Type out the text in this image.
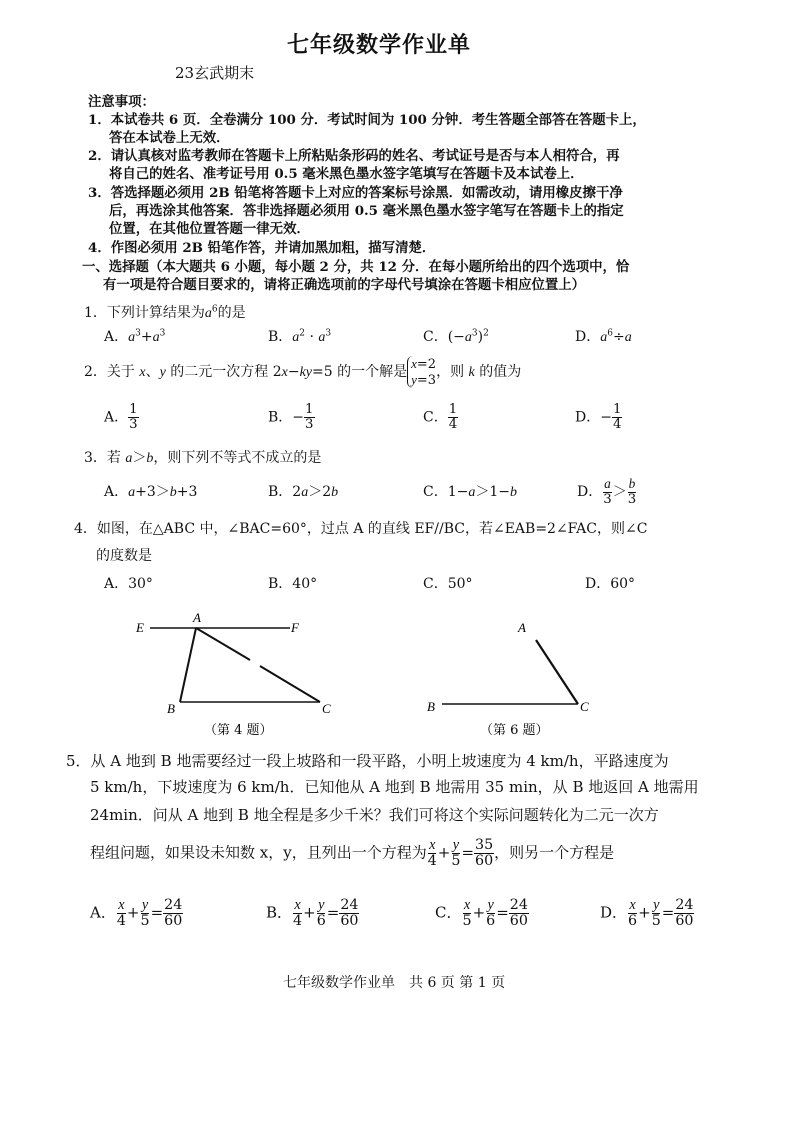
七年级数学作业单
23玄武期末
注意事项：
1．本试卷共 6 页．全卷满分 100 分．考试时间为 100 分钟．考生答题全部答在答题卡上，
答在本试卷上无效．
2．请认真核对监考教师在答题卡上所粘贴条形码的姓名、考试证号是否与本人相符合，再
将自己的姓名、准考证号用 0.5 毫米黑色墨水签字笔填写在答题卡及本试卷上．
3．答选择题必须用 2B 铅笔将答题卡上对应的答案标号涂黑．如需改动，请用橡皮擦干净
后，再选涂其他答案．答非选择题必须用 0.5 毫米黑色墨水签字笔写在答题卡上的指定
位置，在其他位置答题一律无效．
4．作图必须用 2B 铅笔作答，并请加黑加粗，描写清楚．
一、选择题（本大题共 6 小题，每小题 2 分，共 12 分．在每小题所给出的四个选项中，恰
有一项是符合题目要求的，请将正确选项前的字母代号填涂在答题卡相应位置上）
1．下列计算结果为$a^6$的是
A．$a^3+a^3$	B．$a^2 \cdot a^3$	C．$(-a^3)^2$	D．$a^6\div a$
2．关于 x、y 的二元一次方程 2x−ky=5 的一个解是
x=2
y=3
，则 k 的值为
A． $\frac{1}{3}$	B．− $\frac{1}{3}$	C． $\frac{1}{4}$	D．− $\frac{1}{4}$
3．若 a＞b，则下列不等式不成立的是
A．a+3＞b+3	B．2a＞2b	C．1−a＞1−b	D． $\frac{a}{3} > \frac{b}{3}$
4．如图，在△ABC 中，∠BAC=60°，过点 A 的直线 EF//BC，若∠EAB=2∠FAC，则∠C
的度数是
A．30°	B．40°	C．50°	D．60°
E
A
F
B	C
（第 4 题）
A
B	C
（第 6 题）
5．从 A 地到 B 地需要经过一段上坡路和一段平路，小明上坡速度为 4 km/h，平路速度为
5 km/h，下坡速度为 6 km/h．已知他从 A 地到 B 地需用 35 min，从 B 地返回 A 地需用
24min．问从 A 地到 B 地全程是多少千米？我们可将这个实际问题转化为二元一次方
程组问题，如果设未知数 x，y，且列出一个方程为 $\frac{x}{4} + \frac{y}{5} = \frac{35}{60}$ ，则另一个方程是
A． $\frac{x}{4} + \frac{y}{5} = \frac{24}{60}$	B． $\frac{x}{4} + \frac{y}{6} = \frac{24}{60}$	C． $\frac{x}{5} + \frac{y}{6} = \frac{24}{60}$	D． $\frac{x}{6} + \frac{y}{5} = \frac{24}{60}$
七年级数学作业单　共 6 页 第 1 页
